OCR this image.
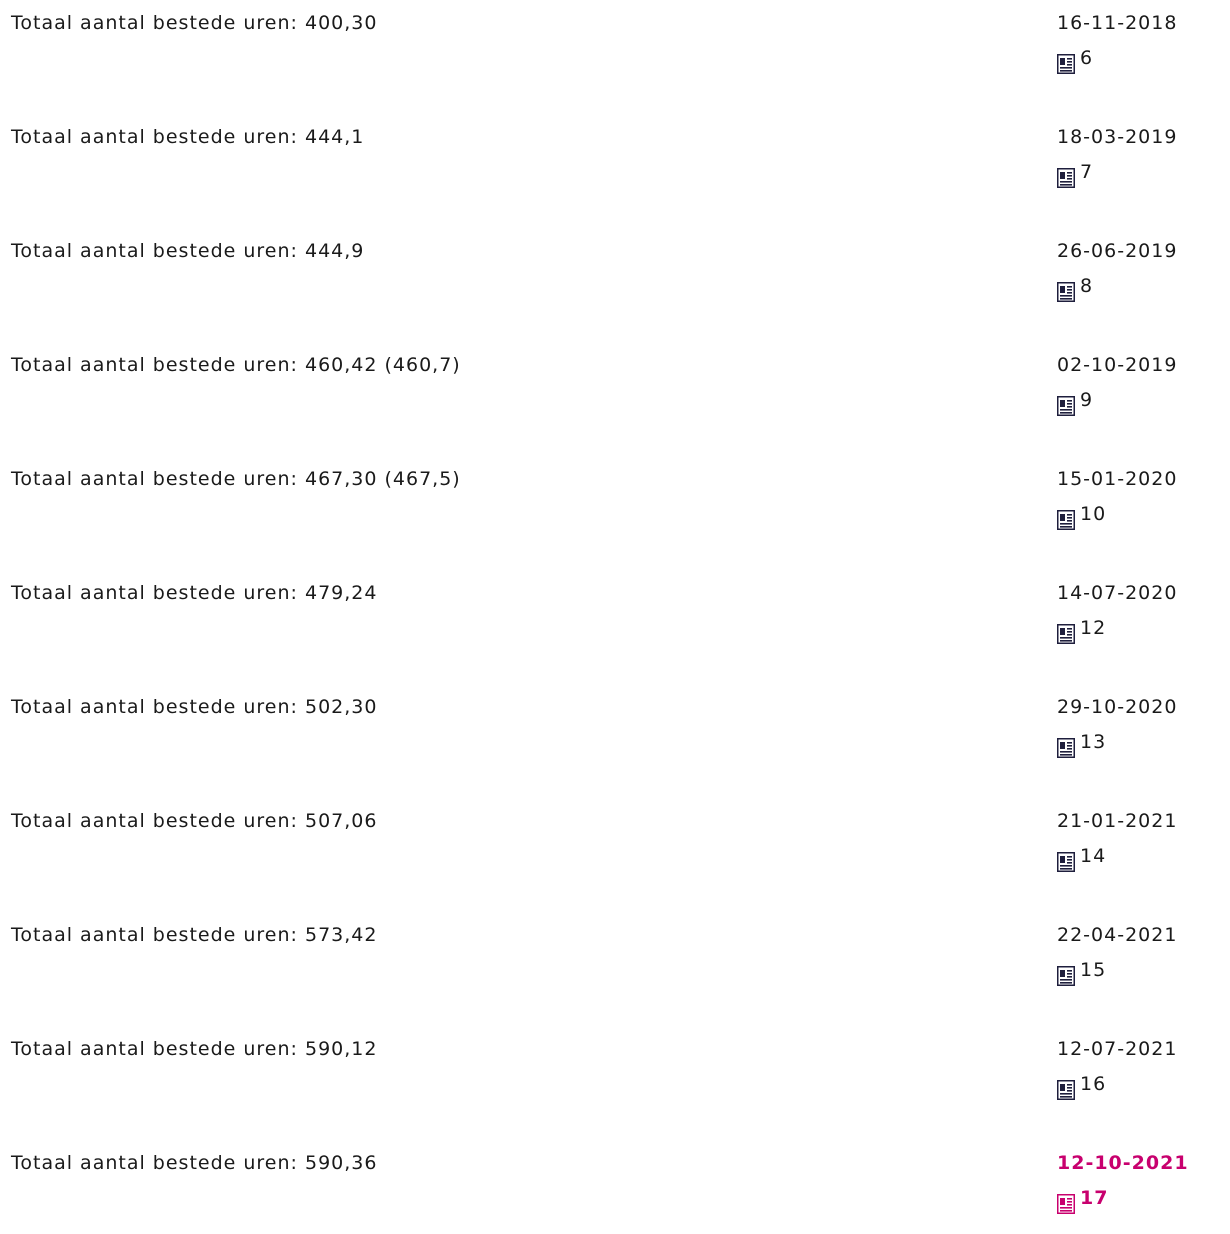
Totaal aantal bestede uren: 400,30	16-11-2018
6
Totaal aantal bestede uren: 444,1	18-03-2019
7
Totaal aantal bestede uren: 444,9	26-06-2019
8
Totaal aantal bestede uren: 460,42 (460,7)	02-10-2019
9
Totaal aantal bestede uren: 467,30 (467,5)	15-01-2020
10
Totaal aantal bestede uren: 479,24	14-07-2020
12
Totaal aantal bestede uren: 502,30	29-10-2020
13
Totaal aantal bestede uren: 507,06	21-01-2021
14
Totaal aantal bestede uren: 573,42	22-04-2021
15
Totaal aantal bestede uren: 590,12	12-07-2021
16
Totaal aantal bestede uren: 590,36	12-10-2021
17
